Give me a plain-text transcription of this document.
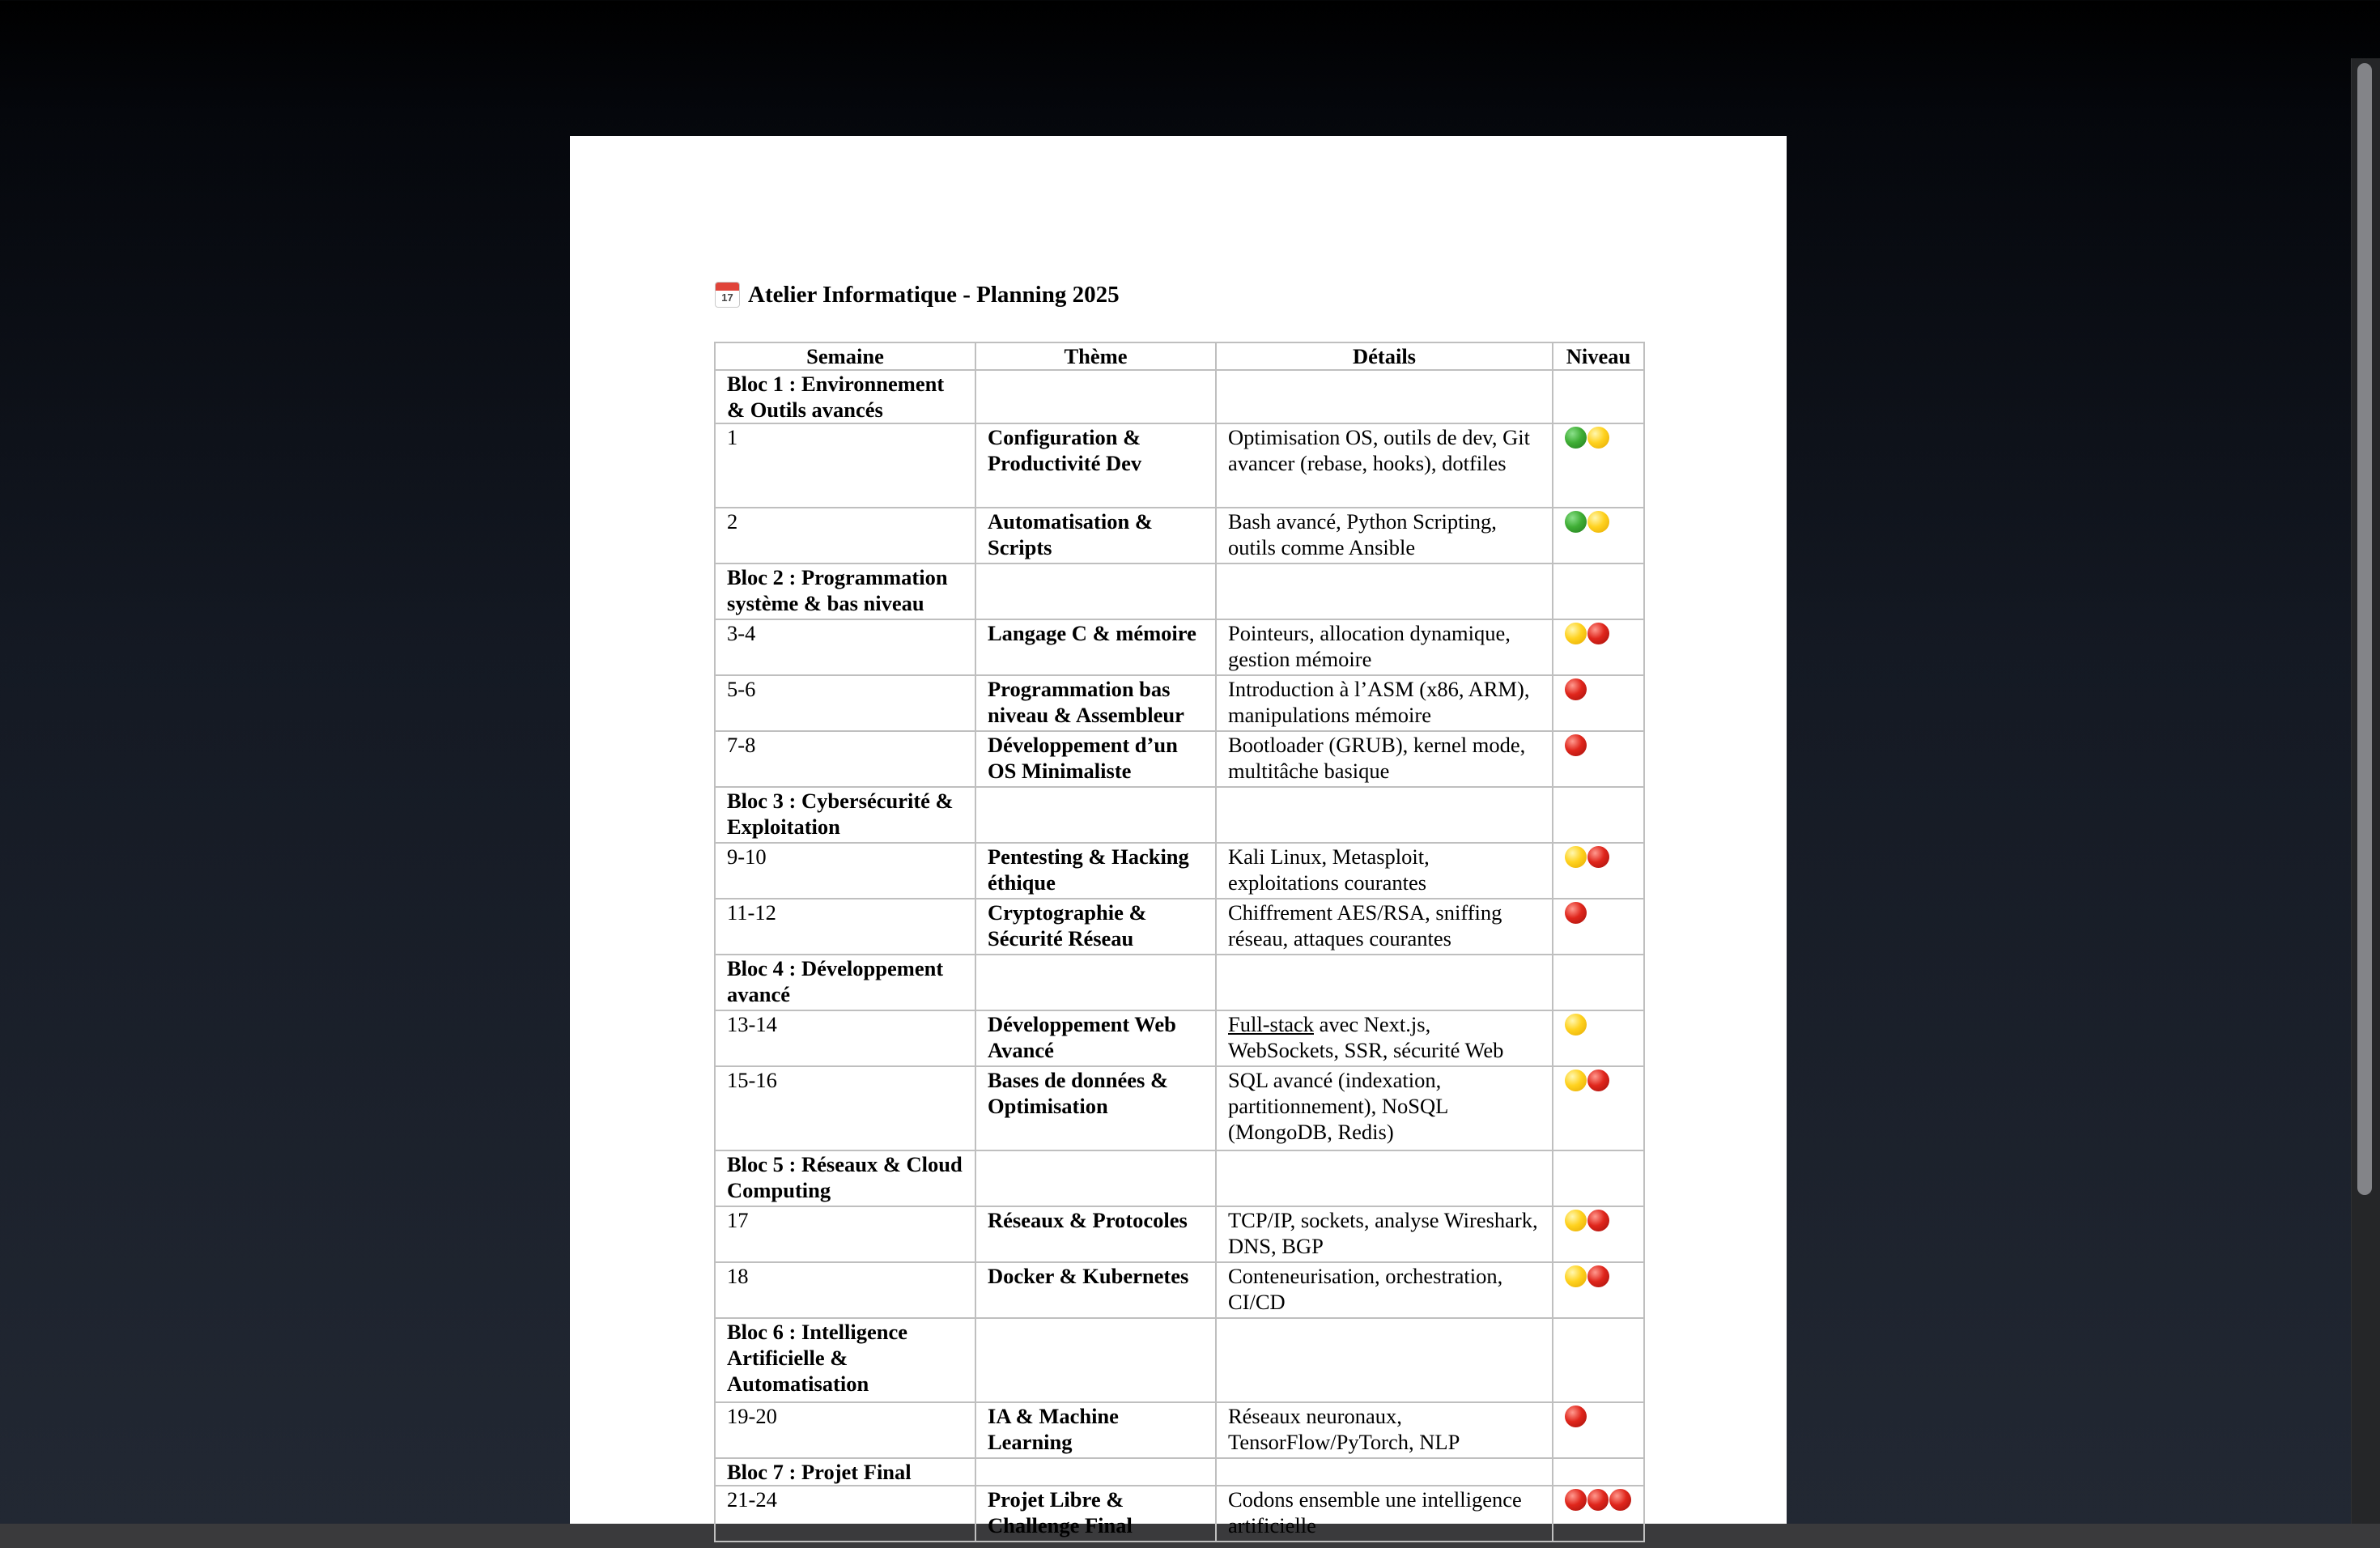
17 Atelier Informatique - Planning 2025
Semaine	Thème	Détails	Niveau
Bloc 1 : Environnement & Outils avancés			
1	Configuration & Productivité Dev	Optimisation OS, outils de dev, Git avancer (rebase, hooks), dotfiles	

2	Automatisation & Scripts	Bash avancé, Python Scripting, outils comme Ansible	

Bloc 2 : Programmation système & bas niveau			
3-4	Langage C & mémoire	Pointeurs, allocation dynamique, gestion mémoire	

5-6	Programmation bas niveau & Assembleur	Introduction à l’ASM (x86, ARM), manipulations mémoire	

7-8	Développement d’un OS Minimaliste	Bootloader (GRUB), kernel mode, multitâche basique	

Bloc 3 : Cybersécurité & Exploitation			
9-10	Pentesting & Hacking éthique	Kali Linux, Metasploit, exploitations courantes	

11-12	Cryptographie & Sécurité Réseau	Chiffrement AES/RSA, sniffing réseau, attaques courantes	

Bloc 4 : Développement avancé			
13-14	Développement Web Avancé	Full-stack avec Next.js, WebSockets, SSR, sécurité Web	

15-16	Bases de données & Optimisation	SQL avancé (indexation, partitionnement), NoSQL (MongoDB, Redis)	

Bloc 5 : Réseaux & Cloud Computing			
17	Réseaux & Protocoles	TCP/IP, sockets, analyse Wireshark, DNS, BGP	

18	Docker & Kubernetes	Conteneurisation, orchestration, CI/CD	

Bloc 6 : Intelligence Artificielle & Automatisation			
19-20	IA & Machine Learning	Réseaux neuronaux, TensorFlow/PyTorch, NLP	

Bloc 7 : Projet Final			
21-24	Projet Libre & Challenge Final	Codons ensemble une intelligence artificielle	
